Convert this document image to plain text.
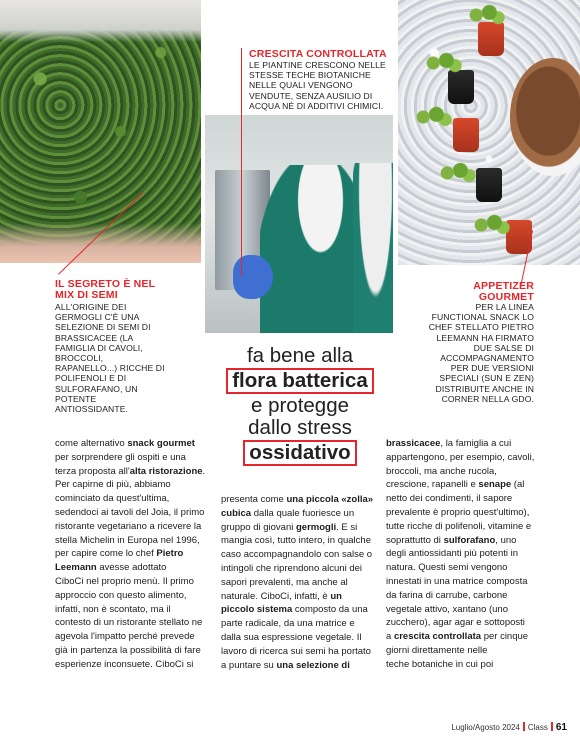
CRESCITA CONTROLLATA
LE PIANTINE CRESCONO NELLE
STESSE TECHE BIOTANICHE
NELLE QUALI VENGONO
VENDUTE, SENZA AUSILIO DI
ACQUA NÉ DI ADDITIVI CHIMICI.
IL SEGRETO È NEL
MIX DI SEMI
ALL'ORIGINE DEI
GERMOGLI C'È UNA
SELEZIONE DI SEMI DI
BRASSICACEE (LA
FAMIGLIA DI CAVOLI,
BROCCOLI,
RAPANELLO...) RICCHE DI
POLIFENOLI E DI
SULFORAFANO, UN
POTENTE
ANTIOSSIDANTE.
APPETIZER
GOURMET
PER LA LINEA
FUNCTIONAL SNACK LO
CHEF STELLATO PIETRO
LEEMANN HA FIRMATO
DUE SALSE DI
ACCOMPAGNAMENTO
PER DUE VERSIONI
SPECIALI (SUN E ZEN)
DISTRIBUITE ANCHE IN
CORNER NELLA GDO.
fa bene alla
flora batterica
e protegge
dallo stress
ossidativo
come alternativo snack gourmet
per sorprendere gli ospiti e una
terza proposta all'alta ristorazione.
Per capirne di più, abbiamo
cominciato da quest'ultima,
sedendoci ai tavoli del Joia, il primo
ristorante vegetariano a ricevere la
stella Michelin in Europa nel 1996,
per capire come lo chef Pietro
Leemann avesse adottato
CiboCi nel proprio menù. Il primo
approccio con questo alimento,
infatti, non è scontato, ma il
contesto di un ristorante stellato ne
agevola l'impatto perché prevede
già in partenza la possibilità di fare
esperienze inconsuete. CiboCi si
presenta come una piccola «zolla»
cubica dalla quale fuoriesce un
gruppo di giovani germogli. E si
mangia così, tutto intero, in qualche
caso accompagnandolo con salse o
intingoli che riprendono alcuni dei
sapori prevalenti, ma anche al
naturale. CiboCi, infatti, è un
piccolo sistema composto da una
parte radicale, da una matrice e
dalla sua espressione vegetale. Il
lavoro di ricerca sui semi ha portato
a puntare su una selezione di
brassicacee, la famiglia a cui
appartengono, per esempio, cavoli,
broccoli, ma anche rucola,
crescione, rapanelli e senape (al
netto dei condimenti, il sapore
prevalente è proprio quest'ultimo),
tutte ricche di polifenoli, vitamine e
soprattutto di sulforafano, uno
degli antiossidanti più potenti in
natura. Questi semi vengono
innestati in una matrice composta
da farina di carrube, carbone
vegetale attivo, xantano (uno
zucchero), agar agar e sottoposti
a crescita controllata per cinque
giorni direttamente nelle
teche botaniche in cui poi
Luglio/Agosto 2024 Class 61
